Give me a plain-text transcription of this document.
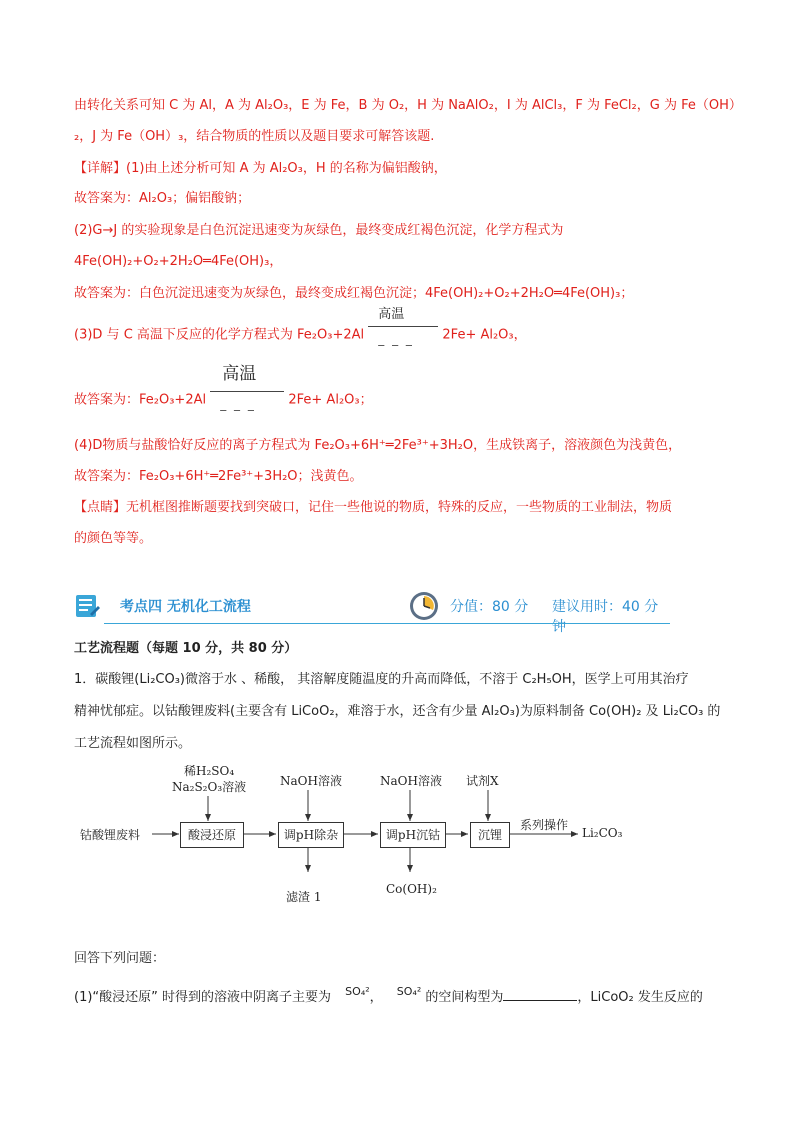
由转化关系可知 C 为 Al，A 为 Al₂O₃，E 为 Fe，B 为 O₂，H 为 NaAlO₂，I 为 AlCl₃，F 为 FeCl₂，G 为 Fe（OH）
₂，J 为 Fe（OH）₃，结合物质的性质以及题目要求可解答该题.
【详解】(1)由上述分析可知 A 为 Al₂O₃，H 的名称为偏铝酸钠，
故答案为：Al₂O₃；偏铝酸钠；
(2)G→J 的实验现象是白色沉淀迅速变为灰绿色，最终变成红褐色沉淀，化学方程式为
4Fe(OH)₂+O₂+2H₂O═4Fe(OH)₃，
故答案为：白色沉淀迅速变为灰绿色，最终变成红褐色沉淀；4Fe(OH)₂+O₂+2H₂O═4Fe(OH)₃；
(3)D 与 C 高温下反应的化学方程式为 Fe₂O₃+2Al
高温
_ _ _ 2Fe+ Al₂O₃，
故答案为：Fe₂O₃+2Al
高温
_ _ _	2Fe+ Al₂O₃；
(4)D物质与盐酸恰好反应的离子方程式为 Fe₂O₃+6H⁺═2Fe³⁺+3H₂O，生成铁离子，溶液颜色为浅黄色，
故答案为：Fe₂O₃+6H⁺═2Fe³⁺+3H₂O；浅黄色。
【点睛】无机框图推断题要找到突破口，记住一些他说的物质，特殊的反应，一些物质的工业制法，物质
的颜色等等。
考点四 无机化工流程	分值：80 分 建议用时：40 分钟
工艺流程题（每题 10 分，共 80 分）
1．碳酸锂(Li₂CO₃)微溶于水 、稀酸， 其溶解度随温度的升高而降低，不溶于 C₂H₅OH，医学上可用其治疗
精神忧郁症。以钴酸锂废料(主要含有 LiCoO₂，难溶于水，还含有少量 Al₂O₃)为原料制备 Co(OH)₂ 及 Li₂CO₃ 的
工艺流程如图所示。
钴酸锂废料	酸浸还原	调pH除杂	调pH沉钴	沉锂
稀H₂SO₄
Na₂S₂O₃溶液	NaOH溶液	NaOH溶液 试剂X
系列操作
Li₂CO₃
滤渣 1
Co(OH)₂
回答下列问题：
(1)“酸浸还原” 时得到的溶液中阴离子主要为 SO₄²， SO₄² 的空间构型为	，LiCoO₂ 发生反应的
